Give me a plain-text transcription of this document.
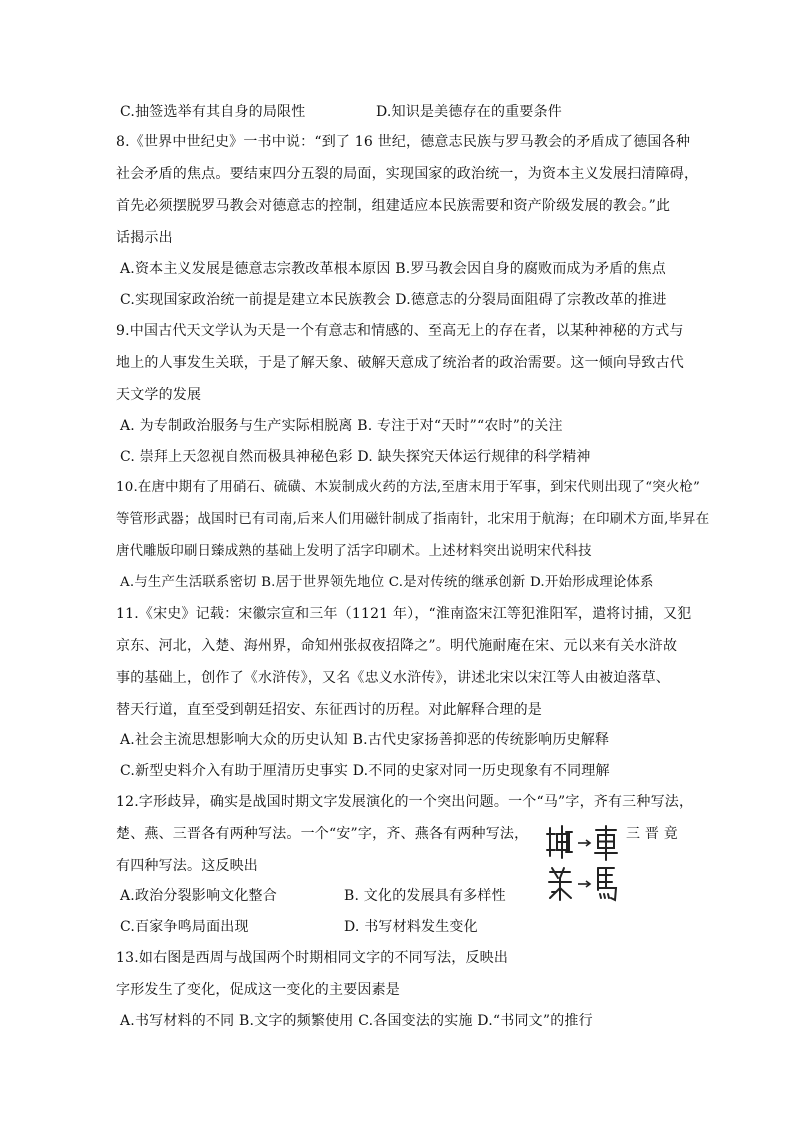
C.抽签选举有其自身的局限性	D.知识是美德存在的重要条件
8.《世界中世纪史》一书中说：“到了 16 世纪，德意志民族与罗马教会的矛盾成了德国各种
社会矛盾的焦点。要结束四分五裂的局面，实现国家的政治统一，为资本主义发展扫清障碍，
首先必须摆脱罗马教会对德意志的控制，组建适应本民族需要和资产阶级发展的教会。”此
话揭示出
A.资本主义发展是德意志宗教改革根本原因 B.罗马教会因自身的腐败而成为矛盾的焦点
C.实现国家政治统一前提是建立本民族教会 D.德意志的分裂局面阻碍了宗教改革的推进
9.中国古代天文学认为天是一个有意志和情感的、至高无上的存在者，以某种神秘的方式与
地上的人事发生关联，于是了解天象、破解天意成了统治者的政治需要。这一倾向导致古代
天文学的发展
A. 为专制政治服务与生产实际相脱离 B. 专注于对“天时”“农时”的关注
C. 崇拜上天忽视自然而极具神秘色彩 D. 缺失探究天体运行规律的科学精神
10.在唐中期有了用硝石、硫磺、木炭制成火药的方法,至唐末用于军事，到宋代则出现了“突火枪”
等管形武器；战国时已有司南,后来人们用磁针制成了指南针，北宋用于航海；在印刷术方面,毕昇在
唐代雕版印刷日臻成熟的基础上发明了活字印刷术。上述材料突出说明宋代科技
A.与生产生活联系密切 B.居于世界领先地位 C.是对传统的继承创新 D.开始形成理论体系
11.《宋史》记载：宋徽宗宣和三年（1121 年），“淮南盗宋江等犯淮阳军，遣将讨捕，又犯
京东、河北，入楚、海州界，命知州张叔夜招降之”。明代施耐庵在宋、元以来有关水浒故
事的基础上，创作了《水浒传》，又名《忠义水浒传》，讲述北宋以宋江等人由被迫落草、
替天行道，直至受到朝廷招安、东征西讨的历程。对此解释合理的是
A.社会主流思想影响大众的历史认知 B.古代史家扬善抑恶的传统影响历史解释
C.新型史料介入有助于厘清历史事实 D.不同的史家对同一历史现象有不同理解
12.字形歧异，确实是战国时期文字发展演化的一个突出问题。一个“马”字，齐有三种写法，
楚、燕、三晋各有两种写法。一个“安”字，齐、燕各有两种写法，	三 晋 竟
有四种写法。这反映出
A.政治分裂影响文化整合	B. 文化的发展具有多样性
C.百家争鸣局面出现	D. 书写材料发生变化
13.如右图是西周与战国两个时期相同文字的不同写法，反映出
字形发生了变化，促成这一变化的主要因素是
A.书写材料的不同 B.文字的频繁使用 C.各国变法的实施 D.“书同文”的推行
